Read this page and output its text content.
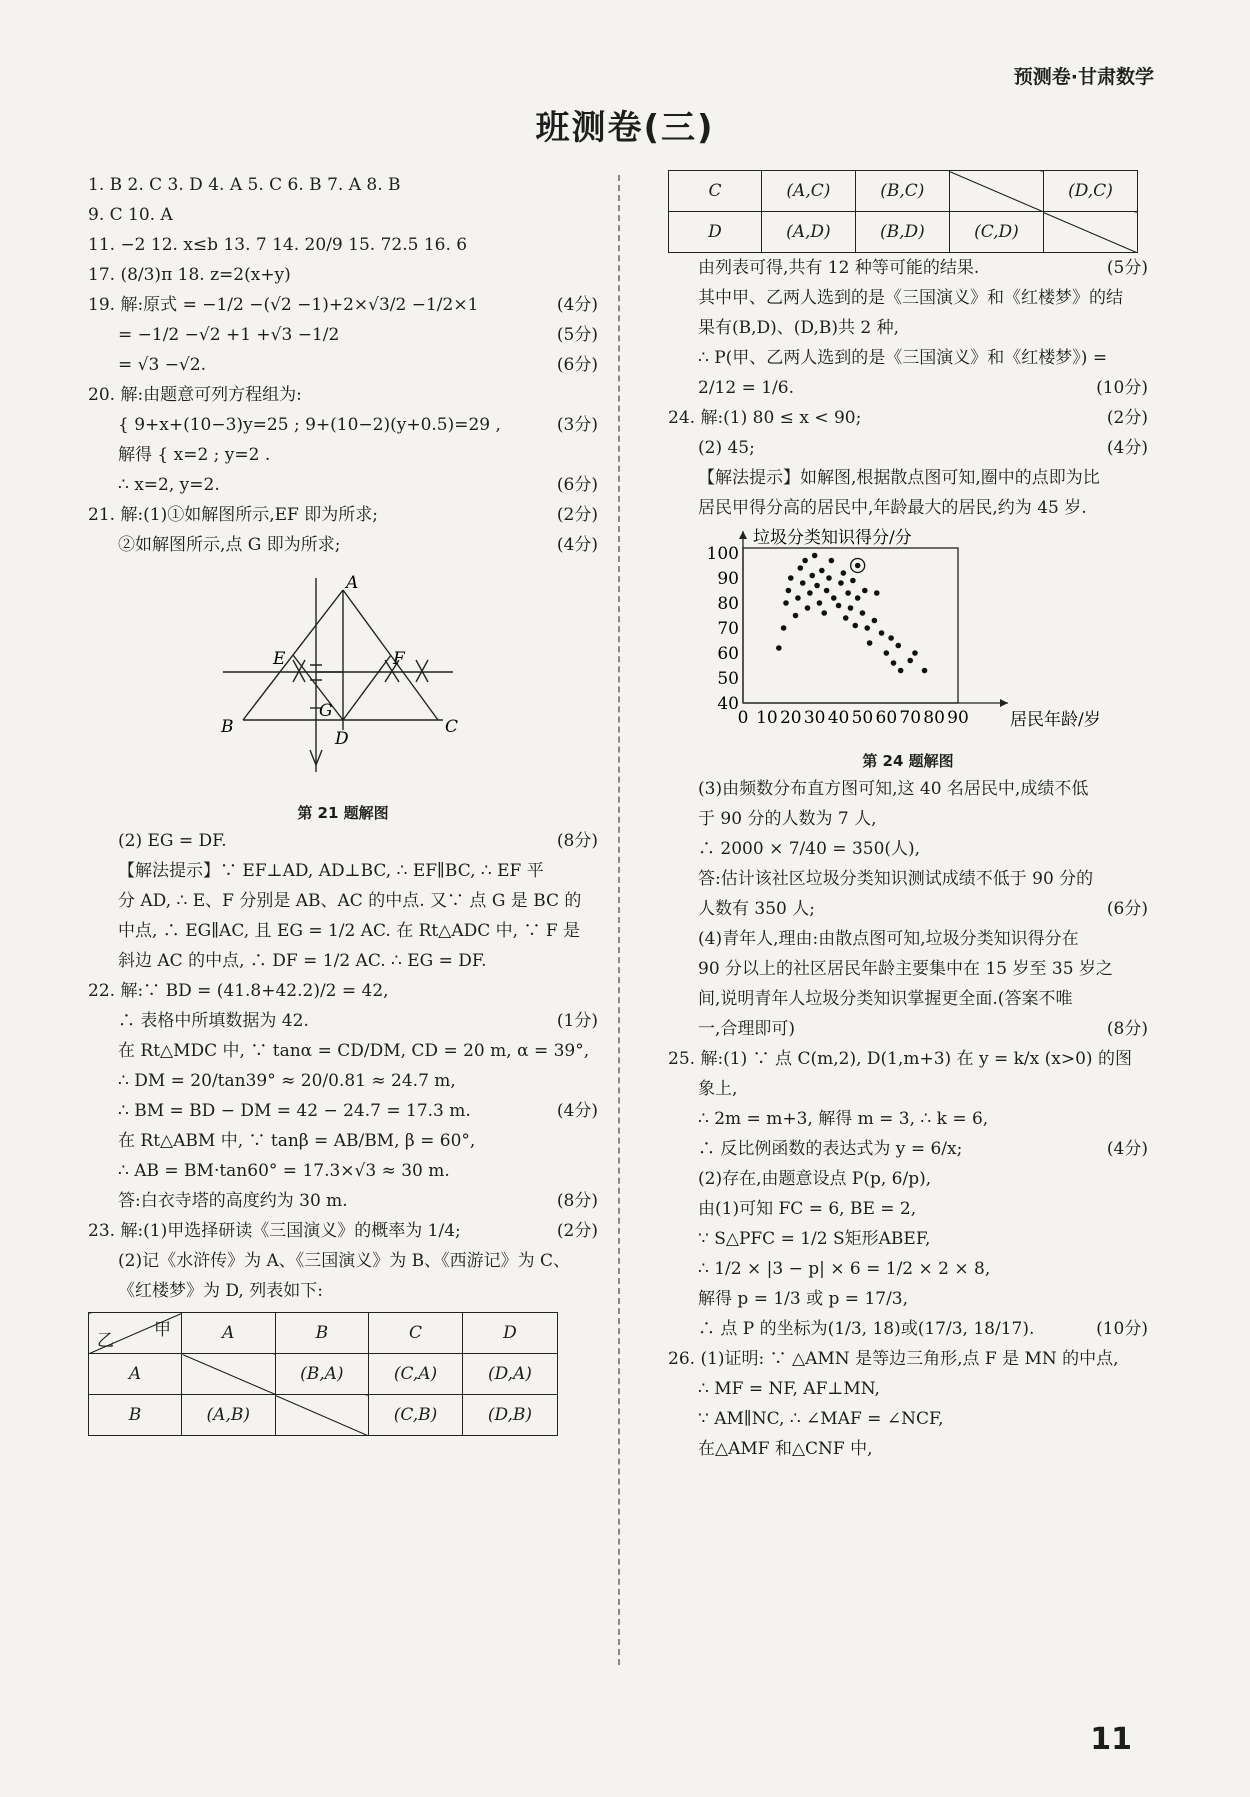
预测卷·甘肃数学
班测卷(三)
1. B 2. C 3. D 4. A 5. C 6. B 7. A 8. B
9. C 10. A
11. −2 12. x≤b 13. 7 14. 20/9 15. 72.5 16. 6
17. (8/3)π 18. z=2(x+y)
19. 解:原式 = −1/2 −(√2 −1)+2×√3/2 −1/2×1	(4分)
= −1/2 −√2 +1 +√3 −1/2	(5分)
= √3 −√2.	(6分)
20. 解:由题意可列方程组为:
{ 9+x+(10−3)y=25 ; 9+(10−2)(y+0.5)=29 ,	(3分)
解得 { x=2 ; y=2 .
∴ x=2, y=2.	(6分)
21. 解:(1)①如解图所示,EF 即为所求;	(2分)
②如解图所示,点 G 即为所求;	(4分)
A
B	C
D
E	F
G
第 21 题解图
(2) EG = DF.	(8分)
【解法提示】∵ EF⊥AD, AD⊥BC, ∴ EF∥BC, ∴ EF 平
分 AD, ∴ E、F 分别是 AB、AC 的中点. 又∵ 点 G 是 BC 的
中点, ∴ EG∥AC, 且 EG = 1/2 AC. 在 Rt△ADC 中, ∵ F 是
斜边 AC 的中点, ∴ DF = 1/2 AC. ∴ EG = DF.
22. 解:∵ BD = (41.8+42.2)/2 = 42,
∴ 表格中所填数据为 42.	(1分)
在 Rt△MDC 中, ∵ tanα = CD/DM, CD = 20 m, α = 39°,
∴ DM = 20/tan39° ≈ 20/0.81 ≈ 24.7 m,
∴ BM = BD − DM = 42 − 24.7 = 17.3 m.	(4分)
在 Rt△ABM 中, ∵ tanβ = AB/BM, β = 60°,
∴ AB = BM·tan60° = 17.3×√3 ≈ 30 m.
答:白衣寺塔的高度约为 30 m.	(8分)
23. 解:(1)甲选择研读《三国演义》的概率为 1/4;	(2分)
(2)记《水浒传》为 A、《三国演义》为 B、《西游记》为 C、
《红楼梦》为 D, 列表如下:
甲
乙	A	B	C	D
A		(B,A)	(C,A)	(D,A)
B	(A,B)		(C,B)	(D,B)
C	(A,C)	(B,C)		(D,C)
D	(A,D)	(B,D)	(C,D)	
由列表可得,共有 12 种等可能的结果.	(5分)
其中甲、乙两人选到的是《三国演义》和《红楼梦》的结
果有(B,D)、(D,B)共 2 种,
∴ P(甲、乙两人选到的是《三国演义》和《红楼梦》) =
2/12 = 1/6.	(10分)
24. 解:(1) 80 ≤ x < 90;	(2分)
(2) 45;	(4分)
【解法提示】如解图,根据散点图可知,圈中的点即为比
居民甲得分高的居民中,年龄最大的居民,约为 45 岁.
40
50
60
70
80
90
100
0 10 20 30 40 50 60 70 80 90
垃圾分类知识得分/分
居民年龄/岁
第 24 题解图
(3)由频数分布直方图可知,这 40 名居民中,成绩不低
于 90 分的人数为 7 人,
∴ 2000 × 7/40 = 350(人),
答:估计该社区垃圾分类知识测试成绩不低于 90 分的
人数有 350 人;	(6分)
(4)青年人,理由:由散点图可知,垃圾分类知识得分在
90 分以上的社区居民年龄主要集中在 15 岁至 35 岁之
间,说明青年人垃圾分类知识掌握更全面.(答案不唯
一,合理即可)	(8分)
25. 解:(1) ∵ 点 C(m,2), D(1,m+3) 在 y = k/x (x>0) 的图
象上,
∴ 2m = m+3, 解得 m = 3, ∴ k = 6,
∴ 反比例函数的表达式为 y = 6/x;	(4分)
(2)存在,由题意设点 P(p, 6/p),
由(1)可知 FC = 6, BE = 2,
∵ S△PFC = 1/2 S矩形ABEF,
∴ 1/2 × |3 − p| × 6 = 1/2 × 2 × 8,
解得 p = 1/3 或 p = 17/3,
∴ 点 P 的坐标为(1/3, 18)或(17/3, 18/17).	(10分)
26. (1)证明: ∵ △AMN 是等边三角形,点 F 是 MN 的中点,
∴ MF = NF, AF⊥MN,
∵ AM∥NC, ∴ ∠MAF = ∠NCF,
在△AMF 和△CNF 中,
11
